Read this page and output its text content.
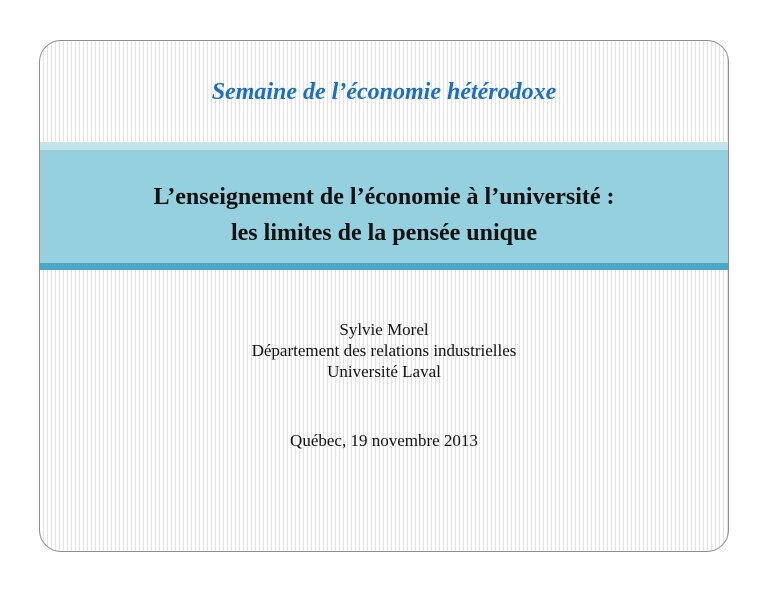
Semaine de l’économie hétérodoxe
L’enseignement de l’économie à l’université :
les limites de la pensée unique
Sylvie Morel
Département des relations industrielles
Université Laval
Québec, 19 novembre 2013
